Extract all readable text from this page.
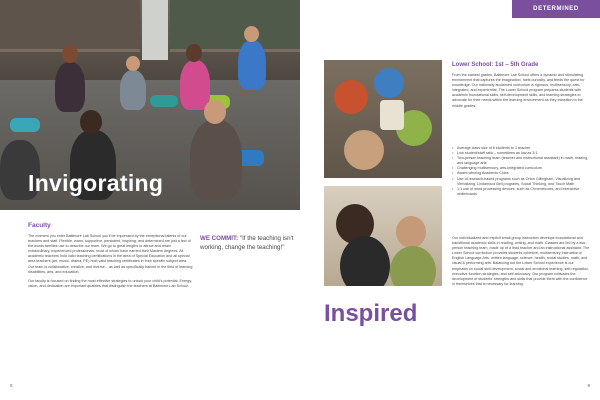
Invigorating
Faculty

The moment you enter Baltimore Lab School you'll be impressed by the exceptional talents of our teachers and staff. Flexible, warm, supportive, persistent, inspiring, and determined are just a few of the words families use to describe our team. We go to great lengths to attract and retain extraordinary, experienced professionals, most of whom have earned their Masters degrees. All academic teachers hold valid teaching certifications in the area of Special Education and all special area teachers (art, music, drama, PE) hold valid teaching certificates in their specific subject area. Our team is collaborative, creative, and diverse... as well as specifically trained in the field of learning disabilities, arts, and education.

Our faculty is focused on finding the most effective strategies to unlock your child's potential. Energy, vision, and dedication are important qualities that distinguish the teachers at Baltimore Lab School.

WE COMMIT: "If the teaching isn't working, change the teaching!"
8
DETERMINED
Inspired
Lower School: 1st – 5th Grade
From the earliest grades, Baltimore Lab School offers a dynamic and stimulating environment that captures the imagination, fuels curiosity, and feeds the quest for knowledge. Our nationally acclaimed curriculum is rigorous, multisensory, arts-integrated, and experiential. The Lower School program prepares students with academic foundational skills, self-development skills, and learning strategies to advocate for their needs within the learning environment as they transition to the middle grades.
• Average class size of 6 students to 1 teacher
• Low student/staff ratio – sometimes as low as 3:1
• Two-person teaching team (teacher and instructional assistant) in math, reading, and language arts
• Challenging multisensory, arts-integrated curriculum
• Award-winning Academic Clubs
• Use of research-based programs such as Orton Gillingham, Visualizing and Verbalizing, Lindamood Bell programs, Social Thinking, and Touch Math
• 1:1 use of word processing devices, such as Chromebooks, and interactive whiteboards
Our individualized and explicit small group instruction develops foundational and transitional academic skills in reading, writing, and math. Classes are led by a two-person teaching team, made up of a lead teacher and an instructional assistant. The Lower School curriculum provides students cohesive, multisensory instruction in English Language Arts, written language, science, health, social studies, math, and visual & performing arts. Balancing out the Lower School experience is our emphasis on social skill development, social and emotional learning, self-regulation, executive function strategies, and self-advocacy. Our program cultivates the development of students' strengths and skills that provide them with the confidence in themselves that is necessary for learning.
9
